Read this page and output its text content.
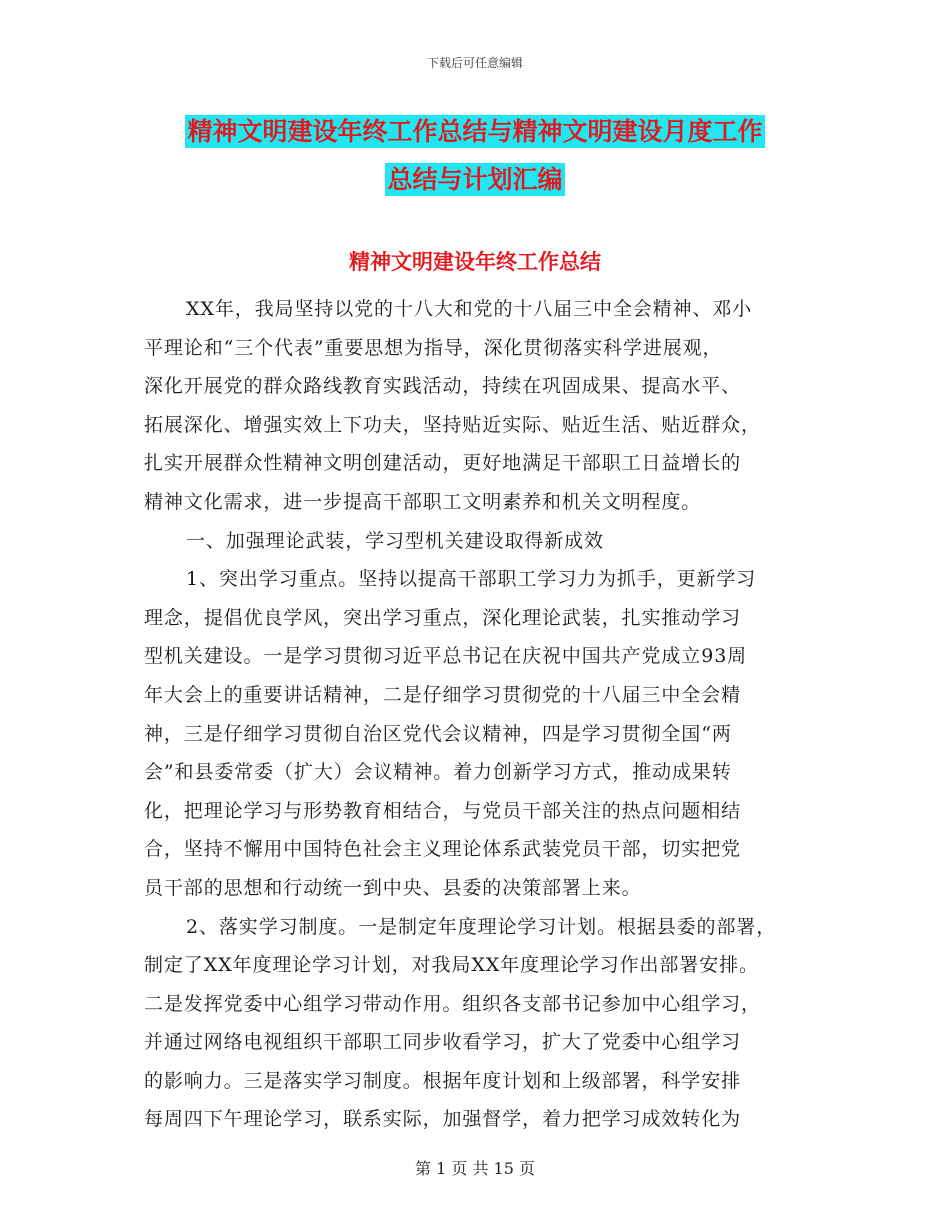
下载后可任意编辑
精神文明建设年终工作总结与精神文明建设月度工作
总结与计划汇编
精神文明建设年终工作总结
XX年，我局坚持以党的十八大和党的十八届三中全会精神、邓小
平理论和“三个代表”重要思想为指导，深化贯彻落实科学进展观，
深化开展党的群众路线教育实践活动，持续在巩固成果、提高水平、
拓展深化、增强实效上下功夫，坚持贴近实际、贴近生活、贴近群众，
扎实开展群众性精神文明创建活动，更好地满足干部职工日益增长的
精神文化需求，进一步提高干部职工文明素养和机关文明程度。
一、加强理论武装，学习型机关建设取得新成效
1、突出学习重点。坚持以提高干部职工学习力为抓手，更新学习
理念，提倡优良学风，突出学习重点，深化理论武装，扎实推动学习
型机关建设。一是学习贯彻习近平总书记在庆祝中国共产党成立93周
年大会上的重要讲话精神，二是仔细学习贯彻党的十八届三中全会精
神，三是仔细学习贯彻自治区党代会议精神，四是学习贯彻全国“两
会”和县委常委（扩大）会议精神。着力创新学习方式，推动成果转
化，把理论学习与形势教育相结合，与党员干部关注的热点问题相结
合，坚持不懈用中国特色社会主义理论体系武装党员干部，切实把党
员干部的思想和行动统一到中央、县委的决策部署上来。
2、落实学习制度。一是制定年度理论学习计划。根据县委的部署，
制定了XX年度理论学习计划，对我局XX年度理论学习作出部署安排。
二是发挥党委中心组学习带动作用。组织各支部书记参加中心组学习，
并通过网络电视组织干部职工同步收看学习，扩大了党委中心组学习
的影响力。三是落实学习制度。根据年度计划和上级部署，科学安排
每周四下午理论学习，联系实际，加强督学，着力把学习成效转化为
第 1 页 共 15 页
